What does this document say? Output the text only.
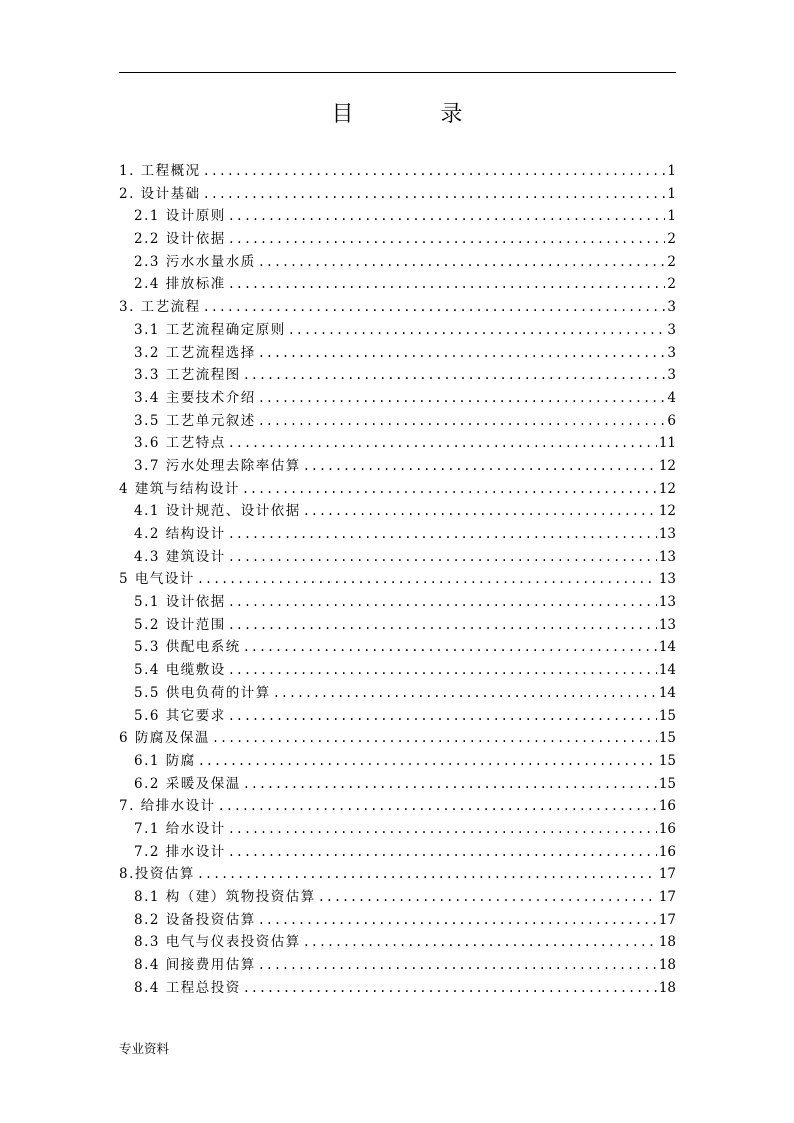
目 录
1. 工程概况 .....	1
2. 设计基础 .....	1
2.1 设计原则 .....	1
2.2 设计依据 .....	2
2.3 污水水量水质 .....	2
2.4 排放标准 .....	2
3. 工艺流程 .....	3
3.1 工艺流程确定原则 .....	3
3.2 工艺流程选择 .....	3
3.3 工艺流程图 .....	3
3.4 主要技术介绍 .....	4
3.5 工艺单元叙述 .....	6
3.6 工艺特点 .....	11
3.7 污水处理去除率估算 .....	12
4 建筑与结构设计 .....	12
4.1 设计规范、设计依据 .....	12
4.2 结构设计 .....	13
4.3 建筑设计 .....	13
5 电气设计 .....	13
5.1 设计依据 .....	13
5.2 设计范围 .....	13
5.3 供配电系统 .....	14
5.4 电缆敷设 .....	14
5.5 供电负荷的计算 .....	14
5.6 其它要求 .....	15
6 防腐及保温 .....	15
6.1 防腐 .....	15
6.2 采暖及保温 .....	15
7. 给排水设计 .....	16
7.1 给水设计 .....	16
7.2 排水设计 .....	16
8.投资估算 .....	17
8.1 构（建）筑物投资估算 .....	17
8.2 设备投资估算 .....	17
8.3 电气与仪表投资估算 .....	18
8.4 间接费用估算 .....	18
8.4 工程总投资 .....	18
专业资料
